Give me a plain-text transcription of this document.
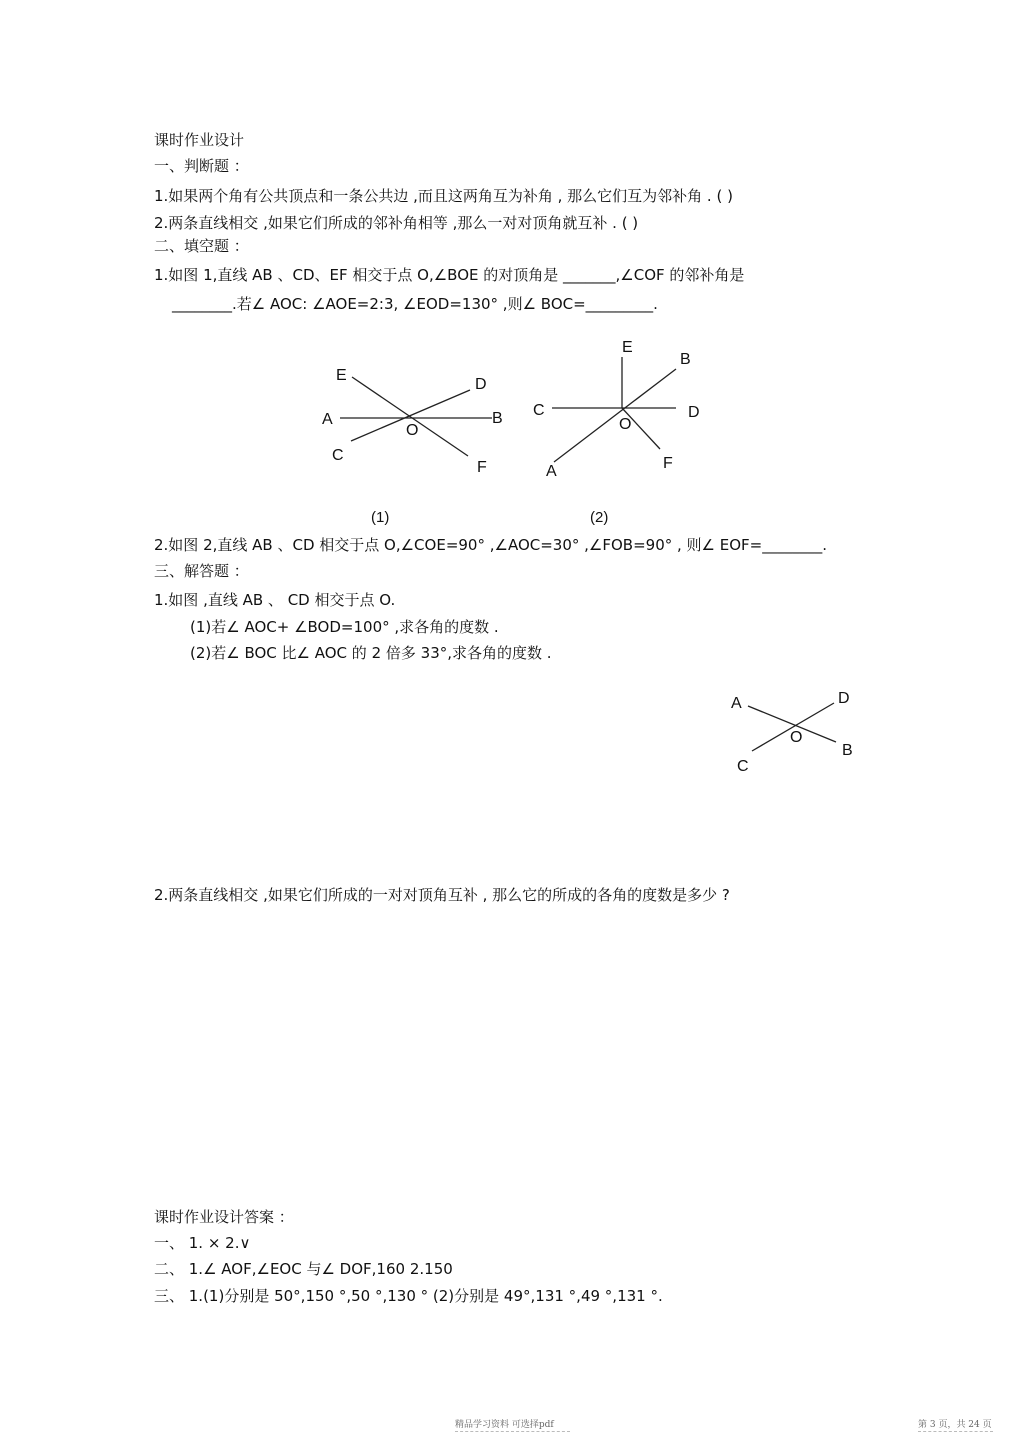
课时作业设计
一、判断题 ：
1.如果两个角有公共顶点和一条公共边 ,而且这两角互为补角 , 那么它们互为邻补角 . ( )
2.两条直线相交 ,如果它们所成的邻补角相等 ,那么一对对顶角就互补 . ( )
二、填空题 ：
1.如图 1,直线 AB 、CD、EF 相交于点 O,∠BOE 的对顶角是 _______,∠COF 的邻补角是
________.若∠ AOC: ∠AOE=2:3, ∠EOD=130° ,则∠ BOC=_________.
E
D
A	B
O
C
F
E
B
C	D
O
F
A
(1)	(2)
2.如图 2,直线 AB 、CD 相交于点 O,∠COE=90° ,∠AOC=30° ,∠FOB=90° , 则∠ EOF=________.
三、解答题 ：
1.如图 ,直线 AB 、 CD 相交于点 O.
(1)若∠ AOC+ ∠BOD=100° ,求各角的度数 .
(2)若∠ BOC 比∠ AOC 的 2 倍多 33°,求各角的度数 .
A	D
O
B
C
2.两条直线相交 ,如果它们所成的一对对顶角互补 , 那么它的所成的各角的度数是多少 ?
课时作业设计答案 ：
一、 1. × 2.∨
二、 1.∠ AOF,∠EOC 与∠ DOF,160 2.150
三、 1.(1)分别是 50°,150 °,50 °,130 ° (2)分别是 49°,131 °,49 °,131 °.
精品学习资料 可选择pdf	第 3 页，共 24 页
